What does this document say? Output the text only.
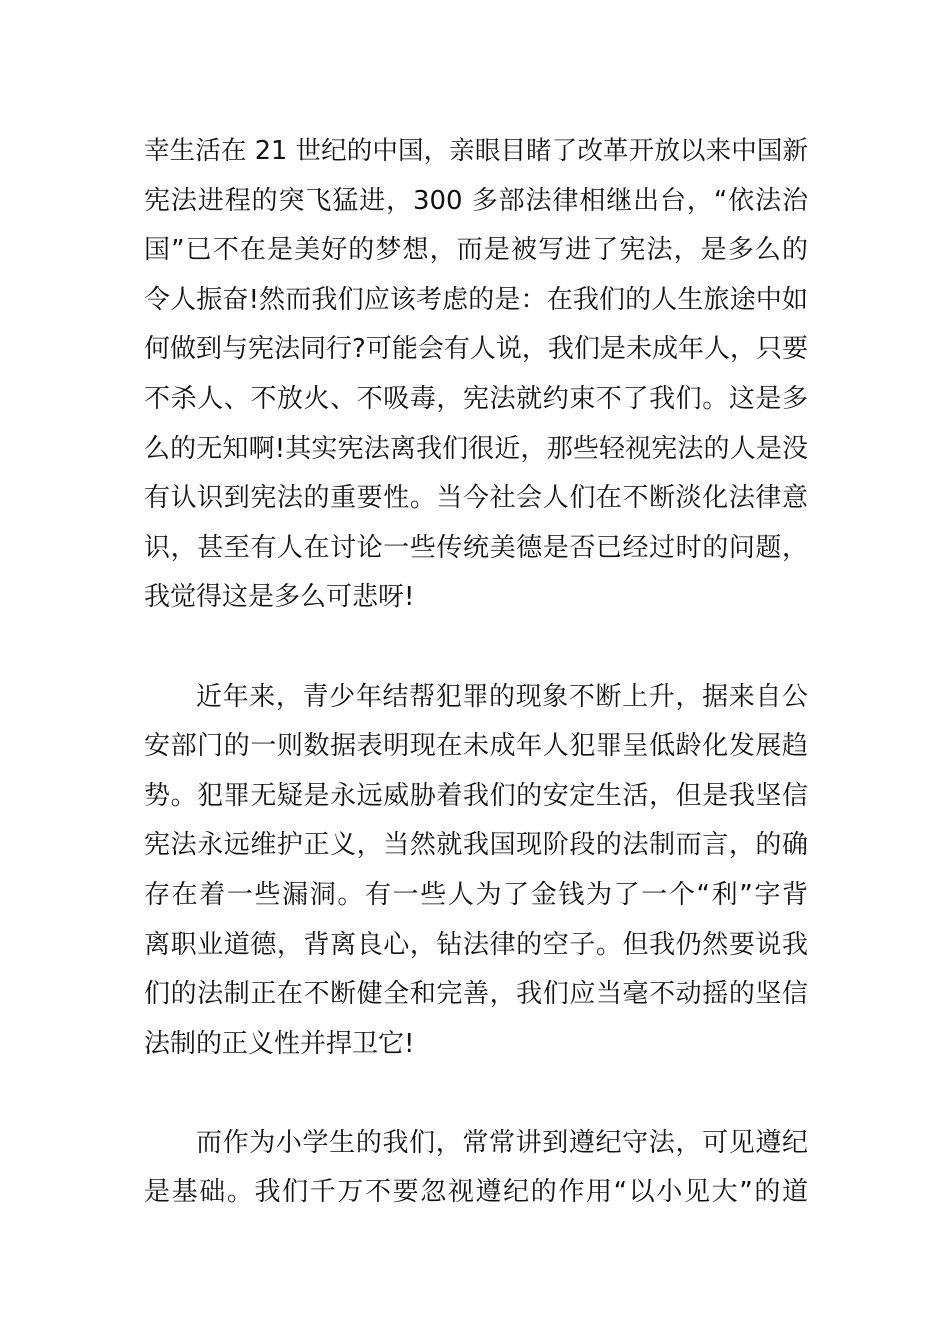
幸生活在 21 世纪的中国，亲眼目睹了改革开放以来中国新
宪法进程的突飞猛进，300 多部法律相继出台，“依法治
国”已不在是美好的梦想，而是被写进了宪法，是多么的
令人振奋!然而我们应该考虑的是：在我们的人生旅途中如
何做到与宪法同行?可能会有人说，我们是未成年人，只要
不杀人、不放火、不吸毒，宪法就约束不了我们。这是多
么的无知啊!其实宪法离我们很近，那些轻视宪法的人是没
有认识到宪法的重要性。当今社会人们在不断淡化法律意
识，甚至有人在讨论一些传统美德是否已经过时的问题，
我觉得这是多么可悲呀!

近年来，青少年结帮犯罪的现象不断上升，据来自公
安部门的一则数据表明现在未成年人犯罪呈低龄化发展趋
势。犯罪无疑是永远威胁着我们的安定生活，但是我坚信
宪法永远维护正义，当然就我国现阶段的法制而言，的确
存在着一些漏洞。有一些人为了金钱为了一个“利”字背
离职业道德，背离良心，钻法律的空子。但我仍然要说我
们的法制正在不断健全和完善，我们应当毫不动摇的坚信
法制的正义性并捍卫它!

而作为小学生的我们，常常讲到遵纪守法，可见遵纪
是基础。我们千万不要忽视遵纪的作用“以小见大”的道
